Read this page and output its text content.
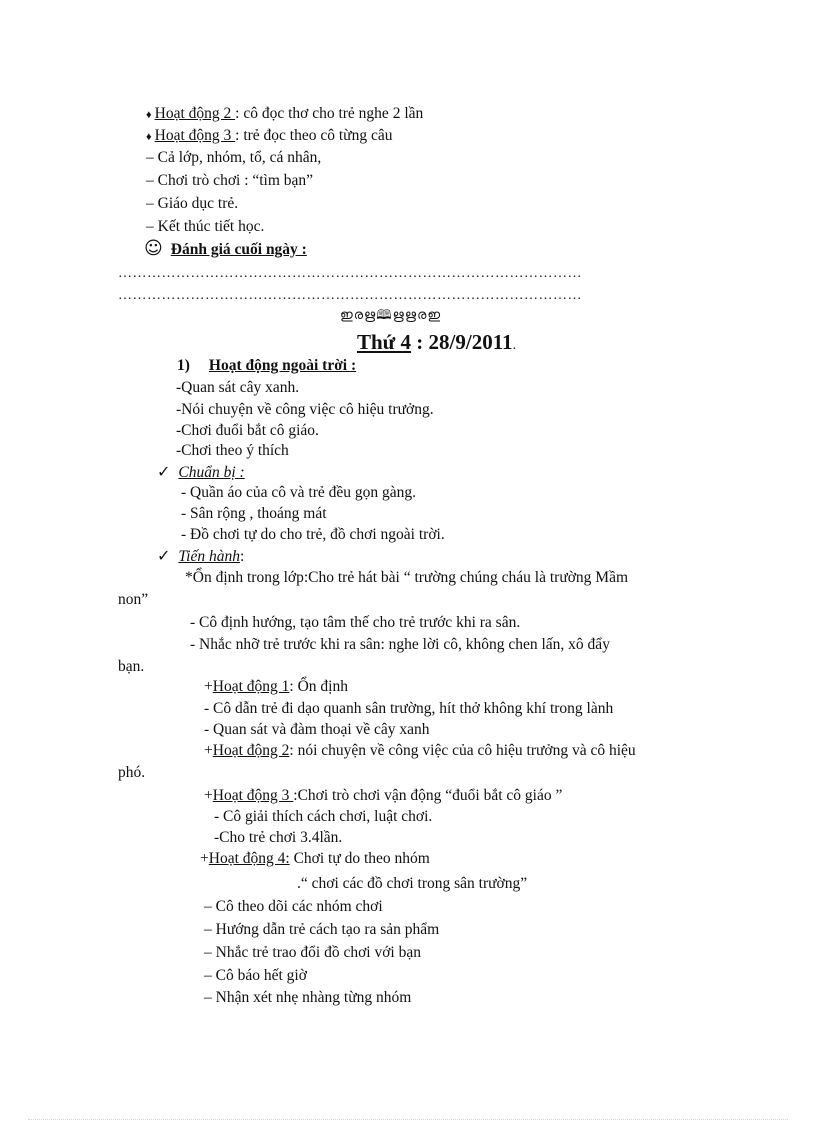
♦ Hoạt động 2 : cô đọc thơ cho trẻ nghe 2 lần
♦ Hoạt động 3 : trẻ đọc theo cô từng câu
– Cả lớp, nhóm, tổ, cá nhân,
– Chơi trò chơi : “tìm bạn”
– Giáo dục trẻ.
– Kết thúc tiết học.
☺ Đánh giá cuối ngày :
……………………………………………………………………………………
……………………………………………………………………………………
ഇരഋ🕮ഋഋരഇ
Thứ 4 : 28/9/2011.
1) Hoạt động ngoài trời :
-Quan sát cây xanh.
-Nói chuyện về công việc cô hiệu trưởng.
-Chơi đuổi bắt cô giáo.
-Chơi theo ý thích
✓ Chuẩn bị :
- Quần áo của cô và trẻ đều gọn gàng.
- Sân rộng , thoáng mát
- Đồ chơi tự do cho trẻ, đồ chơi ngoài trời.
✓ Tiến hành:
*Ổn định trong lớp:Cho trẻ hát bài “ trường chúng cháu là trường Mầm
non”
- Cô định hướng, tạo tâm thế cho trẻ trước khi ra sân.
- Nhắc nhỡ trẻ trước khi ra sân: nghe lời cô, không chen lấn, xô đẩy
bạn.
+Hoạt động 1: Ổn định
- Cô dẫn trẻ đi dạo quanh sân trường, hít thở không khí trong lành
- Quan sát và đàm thoại về cây xanh
+Hoạt động 2: nói chuyện về công việc của cô hiệu trưởng và cô hiệu
phó.
+Hoạt động 3 :Chơi trò chơi vận động “đuổi bắt cô giáo ”
- Cô giải thích cách chơi, luật chơi.
-Cho trẻ chơi 3.4lần.
+Hoạt động 4: Chơi tự do theo nhóm
.“ chơi các đồ chơi trong sân trường”
– Cô theo dõi các nhóm chơi
– Hướng dẫn trẻ cách tạo ra sản phẩm
– Nhắc trẻ trao đổi đồ chơi với bạn
– Cô báo hết giờ
– Nhận xét nhẹ nhàng từng nhóm
